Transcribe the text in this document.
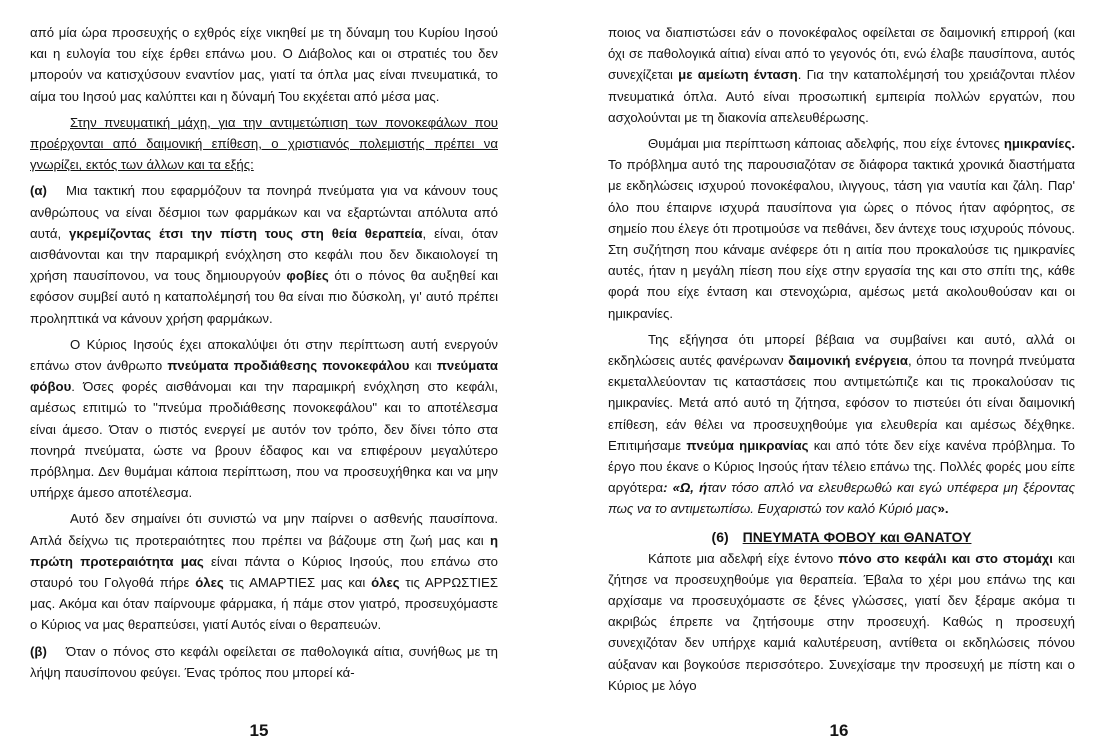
από μία ώρα προσευχής ο εχθρός είχε νικηθεί με τη δύναμη του Κυρίου Ιησού και η ευλογία του είχε έρθει επάνω μου. Ο Διάβολος και οι στρατιές του δεν μπορούν να κατισχύσουν εναντίον μας, γιατί τα όπλα μας είναι πνευματικά, το αίμα του Ιησού μας καλύπτει και η δύναμή Του εκχέεται από μέσα μας.

Στην πνευματική μάχη, για την αντιμετώπιση των πονοκεφάλων που προέρχονται από δαιμονική επίθεση, ο χριστιανός πολεμιστής πρέπει να γνωρίζει, εκτός των άλλων και τα εξής:

(α) Μια τακτική που εφαρμόζουν τα πονηρά πνεύματα για να κάνουν τους ανθρώπους να είναι δέσμιοι των φαρμάκων και να εξαρτώνται απόλυτα από αυτά, γκρεμίζοντας έτσι την πίστη τους στη θεία θεραπεία, είναι, όταν αισθάνονται και την παραμικρή ενόχληση στο κεφάλι που δεν δικαιολογεί τη χρήση παυσίπονου, να τους δημιουργούν φοβίες ότι ο πόνος θα αυξηθεί και εφόσον συμβεί αυτό η καταπολέμησή του θα είναι πιο δύσκολη, γι' αυτό πρέπει προληπτικά να κάνουν χρήση φαρμάκων.

Ο Κύριος Ιησούς έχει αποκαλύψει ότι στην περίπτωση αυτή ενεργούν επάνω στον άνθρωπο πνεύματα προδιάθεσης πονοκεφάλου και πνεύματα φόβου. Όσες φορές αισθάνομαι και την παραμικρή ενόχληση στο κεφάλι, αμέσως επιτιμώ το "πνεύμα προδιάθεσης πονοκεφάλου" και το αποτέλεσμα είναι άμεσο. Όταν ο πιστός ενεργεί με αυτόν τον τρόπο, δεν δίνει τόπο στα πονηρά πνεύματα, ώστε να βρουν έδαφος και να επιφέρουν μεγαλύτερο πρόβλημα. Δεν θυμάμαι κάποια περίπτωση, που να προσευχήθηκα και να μην υπήρχε άμεσο αποτέλεσμα.

Αυτό δεν σημαίνει ότι συνιστώ να μην παίρνει ο ασθενής παυσίπονα. Απλά δείχνω τις προτεραιότητες που πρέπει να βάζουμε στη ζωή μας και η πρώτη προτεραιότητα μας είναι πάντα ο Κύριος Ιησούς, που επάνω στο σταυρό του Γολγοθά πήρε όλες τις ΑΜΑΡΤΙΕΣ μας και όλες τις ΑΡΡΩΣΤΙΕΣ μας. Ακόμα και όταν παίρνουμε φάρμακα, ή πάμε στον γιατρό, προσευχόμαστε ο Κύριος να μας θεραπεύσει, γιατί Αυτός είναι ο θεραπευών.

(β) Όταν ο πόνος στο κεφάλι οφείλεται σε παθολογικά αίτια, συνήθως με τη λήψη παυσίπονου φεύγει. Ένας τρόπος που μπορεί κά-

15

ποιος να διαπιστώσει εάν ο πονοκέφαλος οφείλεται σε δαιμονική επιρροή (και όχι σε παθολογικά αίτια) είναι από το γεγονός ότι, ενώ έλαβε παυσίπονα, αυτός συνεχίζεται με αμείωτη ένταση. Για την καταπολέμησή του χρειάζονται πλέον πνευματικά όπλα. Αυτό είναι προσωπική εμπειρία πολλών εργατών, που ασχολούνται με τη διακονία απελευθέρωσης.

Θυμάμαι μια περίπτωση κάποιας αδελφής, που είχε έντονες ημικρανίες. Το πρόβλημα αυτό της παρουσιαζόταν σε διάφορα τακτικά χρονικά διαστήματα με εκδηλώσεις ισχυρού πονοκέφαλου, ιλιγγους, τάση για ναυτία και ζάλη. Παρ' όλο που έπαιρνε ισχυρά παυσίπονα για ώρες ο πόνος ήταν αφόρητος, σε σημείο που έλεγε ότι προτιμούσε να πεθάνει, δεν άντεχε τους ισχυρούς πόνους. Στη συζήτηση που κάναμε ανέφερε ότι η αιτία που προκαλούσε τις ημικρανίες αυτές, ήταν η μεγάλη πίεση που είχε στην εργασία της και στο σπίτι της, κάθε φορά που είχε ένταση και στενοχώρια, αμέσως μετά ακολουθούσαν και οι ημικρανίες.

Της εξήγησα ότι μπορεί βέβαια να συμβαίνει και αυτό, αλλά οι εκδηλώσεις αυτές φανέρωναν δαιμονική ενέργεια, όπου τα πονηρά πνεύματα εκμεταλλεύονταν τις καταστάσεις που αντιμετώπιζε και τις προκαλούσαν τις ημικρανίες. Μετά από αυτό τη ζήτησα, εφόσον το πιστεύει ότι είναι δαιμονική επίθεση, εάν θέλει να προσευχηθούμε για ελευθερία και αμέσως δέχθηκε. Επιτιμήσαμε πνεύμα ημικρανίας και από τότε δεν είχε κανένα πρόβλημα. Το έργο που έκανε ο Κύριος Ιησούς ήταν τέλειο επάνω της. Πολλές φορές μου είπε αργότερα: «Ω, ήταν τόσο απλό να ελευθερωθώ και εγώ υπέφερα μη ξέροντας πως να το αντιμετωπίσω. Ευχαριστώ τον καλό Κύριό μας».

(6) ΠΝΕΥΜΑΤΑ ΦΟΒΟΥ και ΘΑΝΑΤΟΥ

Κάποτε μια αδελφή είχε έντονο πόνο στο κεφάλι και στο στομάχι και ζήτησε να προσευχηθούμε για θεραπεία. Έβαλα το χέρι μου επάνω της και αρχίσαμε να προσευχόμαστε σε ξένες γλώσσες, γιατί δεν ξέραμε ακόμα τι ακριβώς έπρεπε να ζητήσουμε στην προσευχή. Καθώς η προσευχή συνεχιζόταν δεν υπήρχε καμιά καλυτέρευση, αντίθετα οι εκδηλώσεις πόνου αύξαναν και βογκούσε περισσότερο. Συνεχίσαμε την προσευχή με πίστη και ο Κύριος με λόγο

16
